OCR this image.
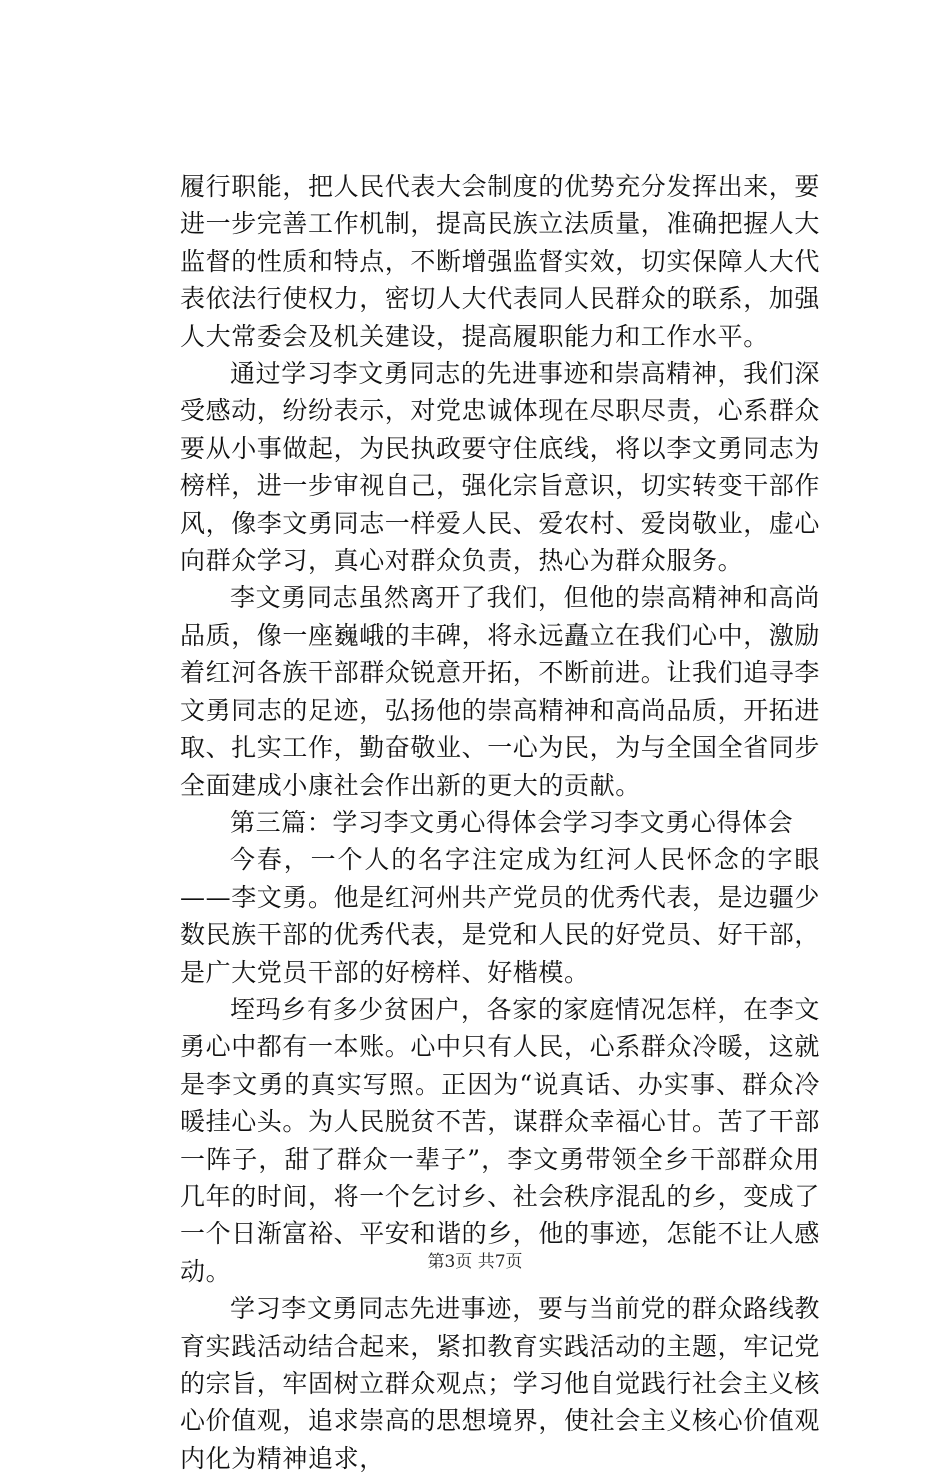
履行职能，把人民代表大会制度的优势充分发挥出来，要进一步完善工作机制，提高民族立法质量，准确把握人大监督的性质和特点，不断增强监督实效，切实保障人大代表依法行使权力，密切人大代表同人民群众的联系，加强人大常委会及机关建设，提高履职能力和工作水平。

通过学习李文勇同志的先进事迹和崇高精神，我们深受感动，纷纷表示，对党忠诚体现在尽职尽责，心系群众要从小事做起，为民执政要守住底线，将以李文勇同志为榜样，进一步审视自己，强化宗旨意识，切实转变干部作风，像李文勇同志一样爱人民、爱农村、爱岗敬业，虚心向群众学习，真心对群众负责，热心为群众服务。

李文勇同志虽然离开了我们，但他的崇高精神和高尚品质，像一座巍峨的丰碑，将永远矗立在我们心中，激励着红河各族干部群众锐意开拓，不断前进。让我们追寻李文勇同志的足迹，弘扬他的崇高精神和高尚品质，开拓进取、扎实工作，勤奋敬业、一心为民，为与全国全省同步全面建成小康社会作出新的更大的贡献。

第三篇：学习李文勇心得体会学习李文勇心得体会

今春，一个人的名字注定成为红河人民怀念的字眼——李文勇。他是红河州共产党员的优秀代表，是边疆少数民族干部的优秀代表，是党和人民的好党员、好干部，是广大党员干部的好榜样、好楷模。

垤玛乡有多少贫困户，各家的家庭情况怎样，在李文勇心中都有一本账。心中只有人民，心系群众冷暖，这就是李文勇的真实写照。正因为“说真话、办实事、群众冷暖挂心头。为人民脱贫不苦，谋群众幸福心甘。苦了干部一阵子，甜了群众一辈子”，李文勇带领全乡干部群众用几年的时间，将一个乞讨乡、社会秩序混乱的乡，变成了一个日渐富裕、平安和谐的乡，他的事迹，怎能不让人感动。

学习李文勇同志先进事迹，要与当前党的群众路线教育实践活动结合起来，紧扣教育实践活动的主题，牢记党的宗旨，牢固树立群众观点；学习他自觉践行社会主义核心价值观，追求崇高的思想境界，使社会主义核心价值观内化为精神追求，

第3页 共7页
